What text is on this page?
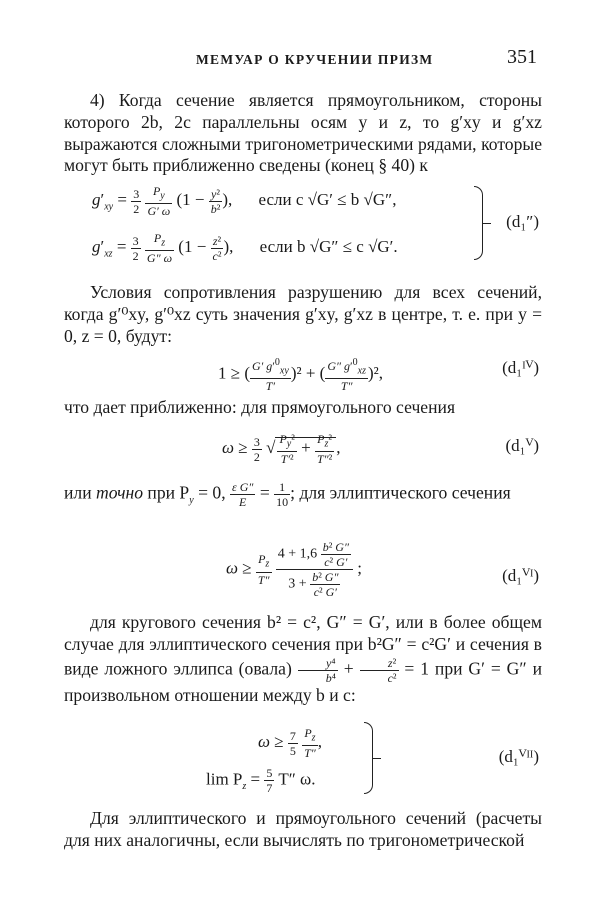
МЕМУАР О КРУЧЕНИИ ПРИЗМ	351

4) Когда сечение является прямоугольником, стороны которого 2b, 2c параллельны осям y и z, то g′xy и g′xz выражаются сложными тригонометрическими рядами, которые могут быть приближенно сведены (конец § 40) к

$g'_{xy} = \frac{3}{2}$
$\frac{P_y}{G' \omega} (1 - \frac{\text{y²}}{\text{b²}}$ ), если c √G′ ≤ b √G″,
$g'_{xz} = \frac{3}{2}$
$\frac{P_z}{G'' \omega} (1 - \frac{\text{z²}}{\text{c²}}$ ), если b √G″ ≤ c √G′.
(d₁″)

Условия сопротивления разрушению для всех сечений, когда g′⁰xy, g′⁰xz суть значения g′xy, g′xz в центре, т. е. при y = 0, z = 0, будут:

1 ≥ ( $\frac{G' g'^0_{xy}}{T'} )^2$ + ( $\frac{G'' g'^0_{xz}}{T''} )^2$,	(d₁ᴵⱽ)

что дает приближенно: для прямоугольного сечения

$\omega \ge \frac{3}{2}$ √ $\frac{P_y^2}{\text{T′²}} + \frac{P_z^2}{\text{T″²}}$ ,	(d₁ⱽ)
или точно при $P_y = 0$, $\frac{\text{ε G″}}{E} = \frac{1}{10}$ ; для эллиптического сечения
$\omega \ge \frac{P_z}{T''}$
$\frac{4 + 1,6 \frac{\text{b² G″}}{\text{c² G′}}}{3 + \frac{\text{b² G″}}{\text{c² G′}}}$ ;	(d₁ⱽᴵ)
для кругового сечения b² = c², G″ = G′, или в более общем случае для эллиптического сечения при b²G″ = c²G′ и сечения в виде ложного эллипса (овала) $\frac{\text{y⁴}}{\text{b⁴}} + \frac{\text{z²}}{\text{c²}} = 1$ при G′ = G″ и произвольном отношении между b и c:
$\omega \ge \frac{7}{5}$
$\frac{P_z}{T''}$ ,
$\lim P_z = \frac{5}{7} T''$ ω.
(d₁ⱽᴵᴵ)

Для эллиптического и прямоугольного сечений (расчеты для них аналогичны, если вычислять по тригонометрической
